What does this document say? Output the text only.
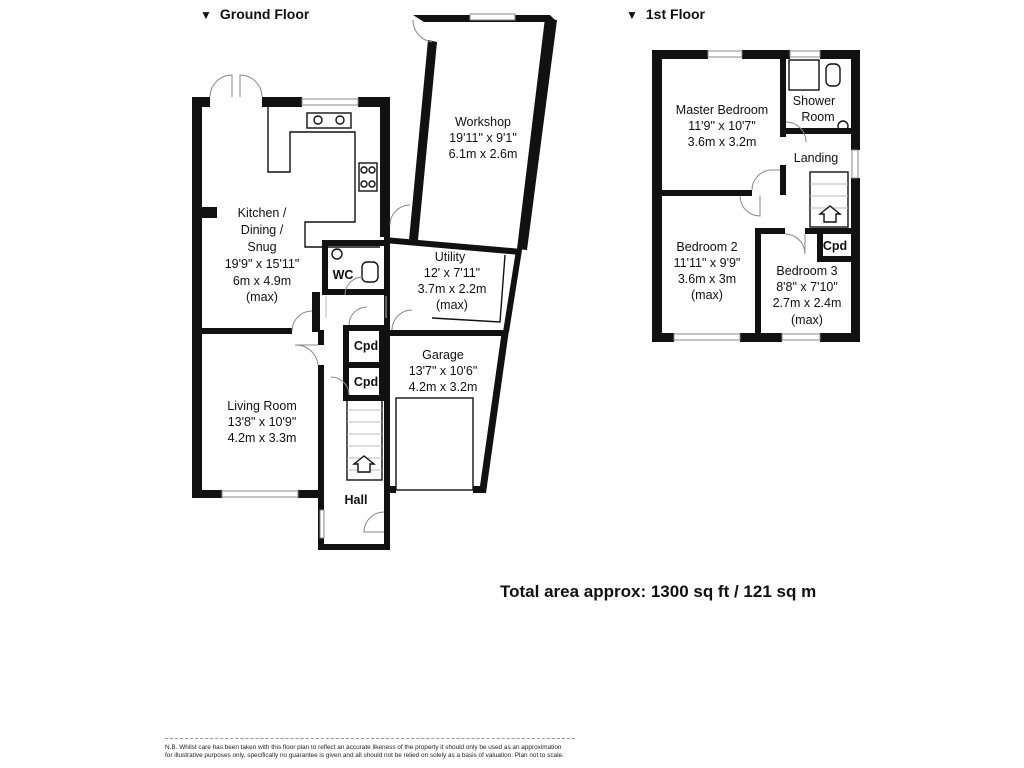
▼ Ground Floor	▼ 1st Floor
Kitchen /
Dining /
Snug
19'9" x 15'11"
6m x 4.9m
(max)
WC
Living Room
13'8" x 10'9"
4.2m x 3.3m
Hall
Cpd
Cpd
Garage
13'7" x 10'6"
4.2m x 3.2m
Utility
12' x 7'11"
3.7m x 2.2m
(max)
Workshop
19'11" x 9'1"
6.1m x 2.6m
Master Bedroom
11'9" x 10'7"
3.6m x 3.2m
Shower
Room
Landing
Bedroom 2
11'11" x 9'9"
3.6m x 3m
(max)
Bedroom 3
8'8" x 7'10"
2.7m x 2.4m
(max)
Cpd
Total area approx: 1300 sq ft / 121 sq m
N.B. Whilst care has been taken with this floor plan to reflect an accurate likeness of the property it should only be used as an approximation for illustrative purposes only, specifically no guarantee is given and all should not be relied on solely as a basis of valuation. Plan not to scale.
